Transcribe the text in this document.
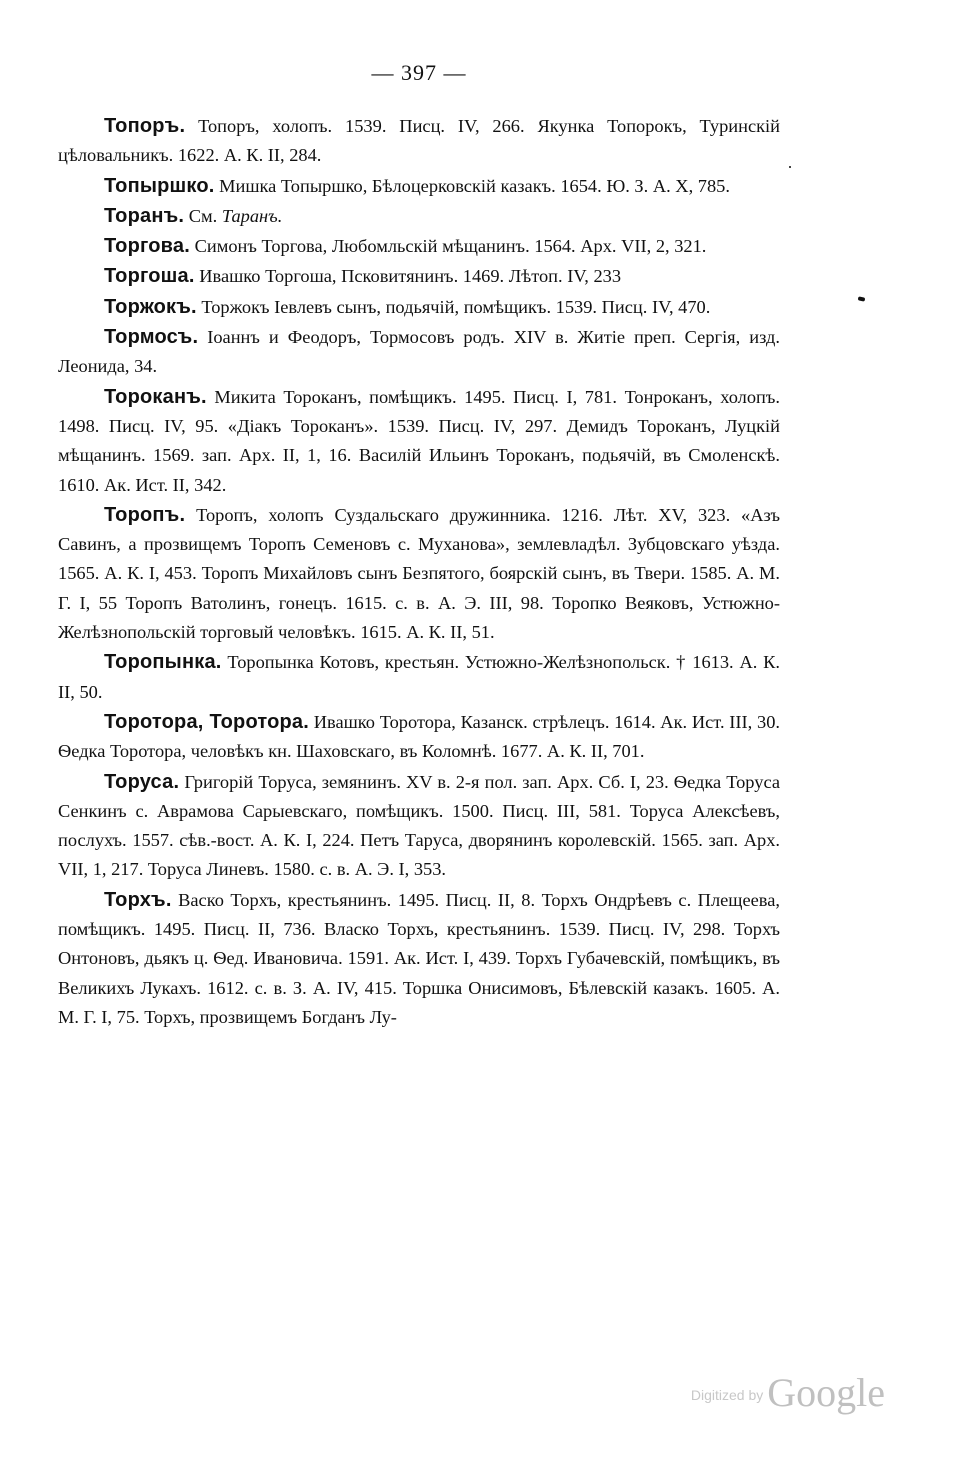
— 397 —

Топоръ. Топоръ, холопъ. 1539. Писц. IV, 266. Якунка Топорокъ, Туринскій цѣловальникъ. 1622. А. К. II, 284.

Топыршко. Мишка Топыршко, Бѣлоцерковскій казакъ. 1654. Ю. З. А. X, 785.

Торанъ. См. Таранъ.

Торгова. Симонъ Торгова, Любомльскій мѣщанинъ. 1564. Арх. VII, 2, 321.

Торгоша. Ивашко Торгоша, Псковитянинъ. 1469. Лѣтоп. IV, 233

Торжокъ. Торжокъ Іевлевъ сынъ, подьячій, помѣщикъ. 1539. Писц. IV, 470.

Тормосъ. Іоаннъ и Феодоръ, Тормосовъ родъ. XIV в. Житіе преп. Сергія, изд. Леонида, 34.

Тороканъ. Микита Тороканъ, помѣщикъ. 1495. Писц. I, 781. Тонроканъ, холопъ. 1498. Писц. IV, 95. «Діакъ Тороканъ». 1539. Писц. IV, 297. Демидъ Тороканъ, Луцкій мѣщанинъ. 1569. зап. Арх. II, 1, 16. Василій Ильинъ Тороканъ, подьячій, въ Смоленскѣ. 1610. Ак. Ист. II, 342.

Торопъ. Торопъ, холопъ Суздальскаго дружинника. 1216. Лѣт. XV, 323. «Азъ Савинъ, а прозвищемъ Торопъ Семеновъ с. Муханова», землевладѣл. Зубцовскаго уѣзда. 1565. А. К. I, 453. Торопъ Михайловъ сынъ Безпятого, боярскій сынъ, въ Твери. 1585. А. М. Г. I, 55 Торопъ Ватолинъ, гонецъ. 1615. с. в. А. Э. III, 98. Торопко Веяковъ, Устюжно-Желѣзнопольскій торговый человѣкъ. 1615. А. К. II, 51.

Торопынка. Торопынка Котовъ, крестьян. Устюжно-Желѣзнопольск. † 1613. А. К. II, 50.

Торотора, Торотора. Ивашко Торотора, Казанск. стрѣлецъ. 1614. Ак. Ист. III, 30. Ѳедка Торотора, человѣкъ кн. Шаховскаго, въ Коломнѣ. 1677. А. К. II, 701.

Торуса. Григорій Торуса, земянинъ. XV в. 2-я пол. зап. Арх. Сб. I, 23. Ѳедка Торуса Сенкинъ с. Аврамова Сарыевскаго, помѣщикъ. 1500. Писц. III, 581. Торуса Алексѣевъ, послухъ. 1557. сѣв.-вост. А. К. I, 224. Петъ Таруса, дворянинъ королевскій. 1565. зап. Арх. VII, 1, 217. Торуса Линевъ. 1580. с. в. А. Э. I, 353.

Торхъ. Васко Торхъ, крестьянинъ. 1495. Писц. II, 8. Торхъ Ондрѣевъ с. Плещеева, помѣщикъ. 1495. Писц. II, 736. Власко Торхъ, крестьянинъ. 1539. Писц. IV, 298. Торхъ Онтоновъ, дьякъ ц. Ѳед. Ивановича. 1591. Ак. Ист. I, 439. Торхъ Губачевскій, помѣщикъ, въ Великихъ Лукахъ. 1612. с. в. З. А. IV, 415. Торшка Онисимовъ, Бѣлевскій казакъ. 1605. А. М. Г. I, 75. Торхъ, прозвищемъ Богданъ Лу-

Digitized by Google
